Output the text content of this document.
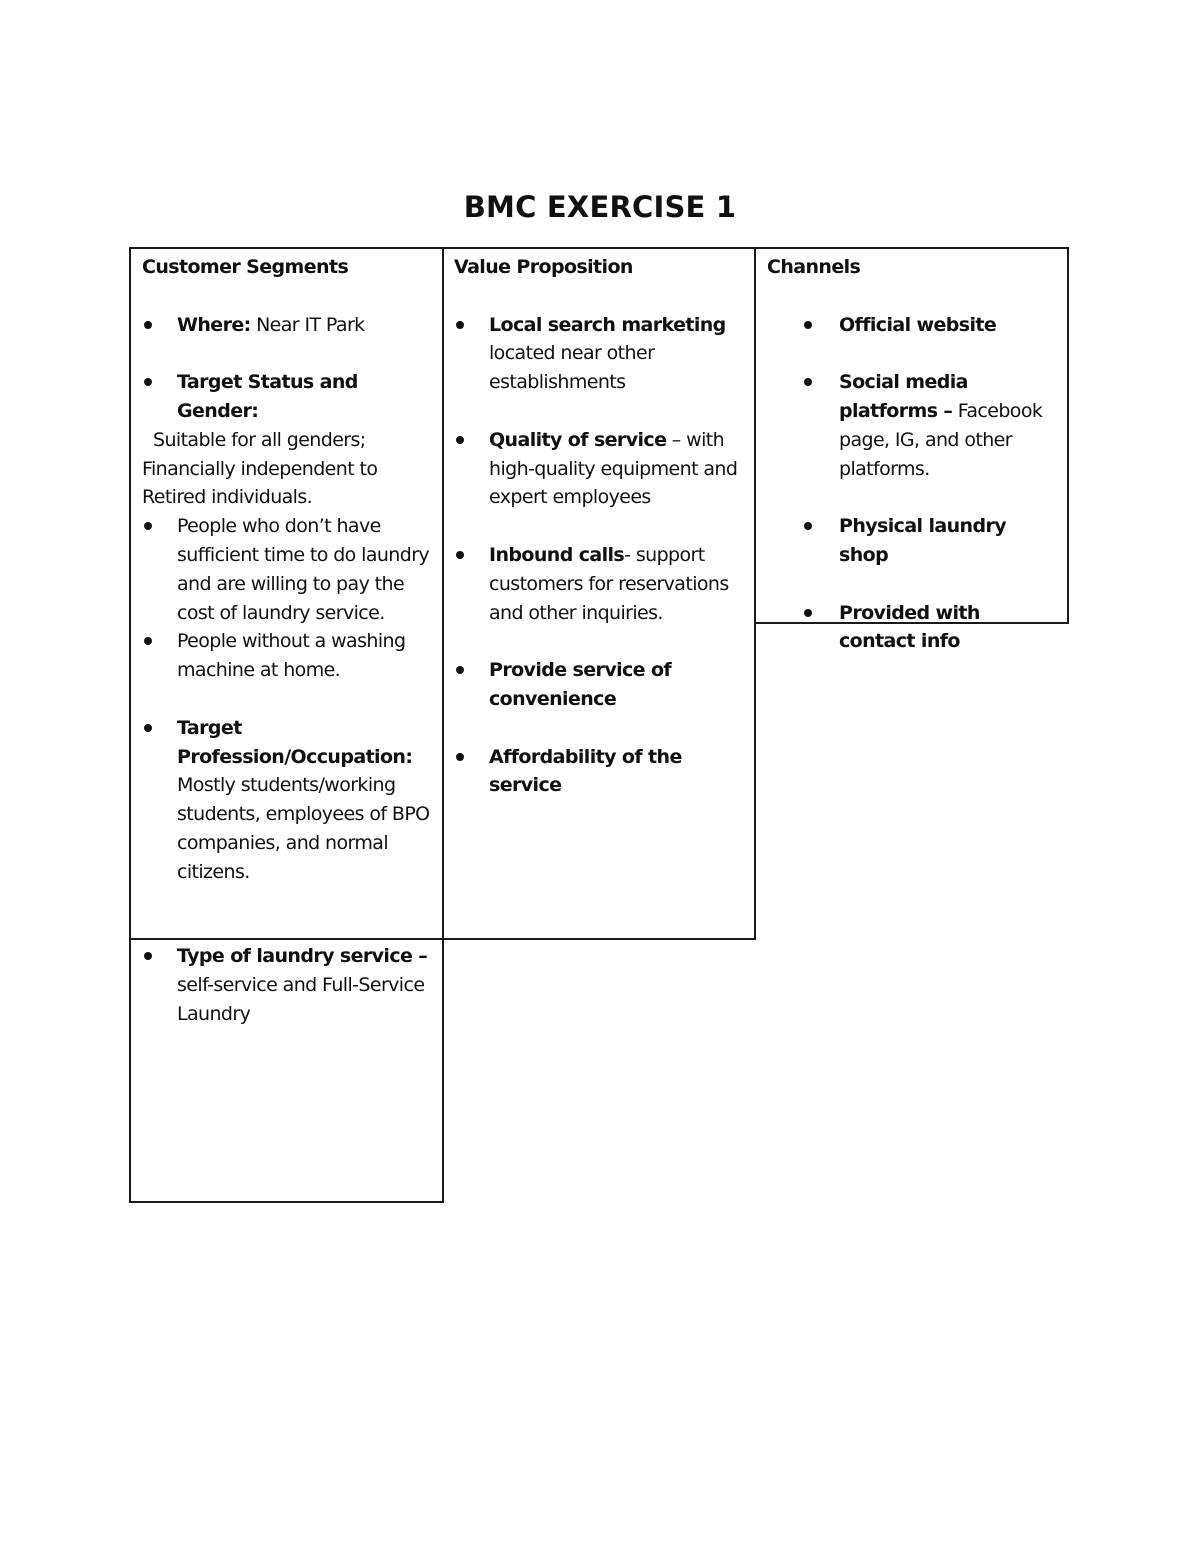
BMC EXERCISE 1

Customer Segments

Where: Near IT Park
Target Status and Gender:

Suitable for all genders;

Financially independent to

Retired individuals.

People who don’t have sufficient time to do laundry and are willing to pay the cost of laundry service.
People without a washing machine at home.
Target Profession/Occupation: Mostly students/working students, employees of BPO companies, and normal citizens.

Value Proposition

Local search marketing located near other establishments
Quality of service – with high-quality equipment and expert employees
Inbound calls- support customers for reservations and other inquiries.
Provide service of convenience
Affordability of the service

Channels

Official website
Social media platforms – Facebook page, IG, and other platforms.
Physical laundry shop
Provided with contact info
Type of laundry service – self-service and Full-Service Laundry
